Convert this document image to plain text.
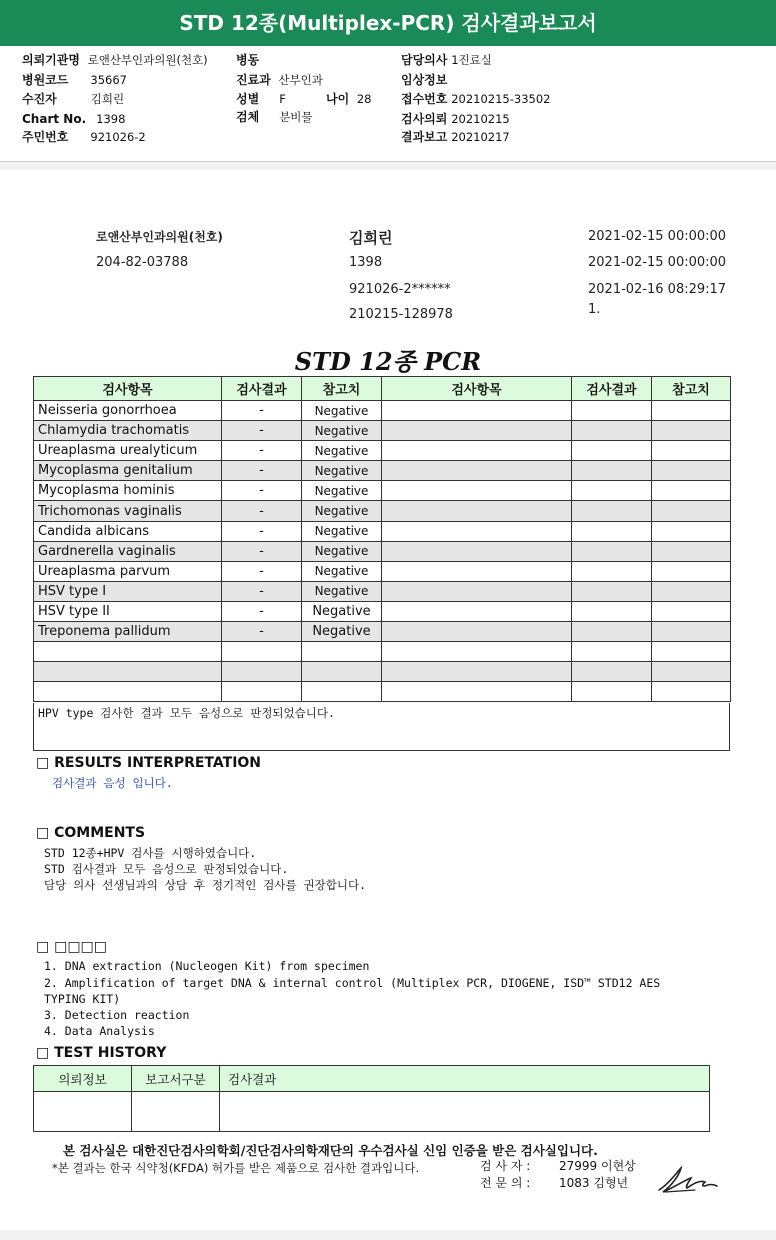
STD 12종(Multiplex-PCR) 검사결과보고서
의뢰기관명 로앤산부인과의원(천호)
병원코드 35667
수진자	김희린
Chart No. 1398
주민번호 921026-2
병동
진료과 산부인과
성별 F	나이 28
검체 분비물
담당의사 1진료실
임상정보
접수번호 20210215-33502
검사의뢰 20210215
결과보고 20210217
로앤산부인과의원(천호)
204-82-03788
김희린
1398
921026-2******
210215-128978
2021-02-15 00:00:00
2021-02-15 00:00:00
2021-02-16 08:29:17
1.
STD 12종 PCR
검사항목	검사결과	참고치	검사항목	검사결과	참고치
Neisseria gonorrhoea	-	Negative			
Chlamydia trachomatis	-	Negative			
Ureaplasma urealyticum	-	Negative			
Mycoplasma genitalium	-	Negative			
Mycoplasma hominis	-	Negative			
Trichomonas vaginalis	-	Negative			
Candida albicans	-	Negative			
Gardnerella vaginalis	-	Negative			
Ureaplasma parvum	-	Negative			
HSV type I	-	Negative			
HSV type II	-	Negative			
Treponema pallidum	-	Negative			

HPV type 검사한 결과 모두 음성으로 판정되었습니다.
□ RESULTS INTERPRETATION
검사결과 음성 입니다.
□ COMMENTS
STD 12종+HPV 검사를 시행하였습니다.
STD 검사결과 모두 음성으로 판정되었습니다.
담당 의사 선생님과의 상담 후 정기적인 검사를 권장합니다.
□ □□□□
1. DNA extraction (Nucleogen Kit) from specimen
2. Amplification of target DNA & internal control (Multiplex PCR, DIOGENE, ISD™ STD12 AES
TYPING KIT)
3. Detection reaction
4. Data Analysis
□ TEST HISTORY
의뢰정보	보고서구분	검사결과

본 검사실은 대한진단검사의학회/진단검사의학재단의 우수검사실 신임 인증을 받은 검사실입니다.
*본 결과는 한국 식약청(KFDA) 허가를 받은 제품으로 검사한 결과입니다.	검 사 자 : 27999 이현상
전 문 의 : 1083 김형년
